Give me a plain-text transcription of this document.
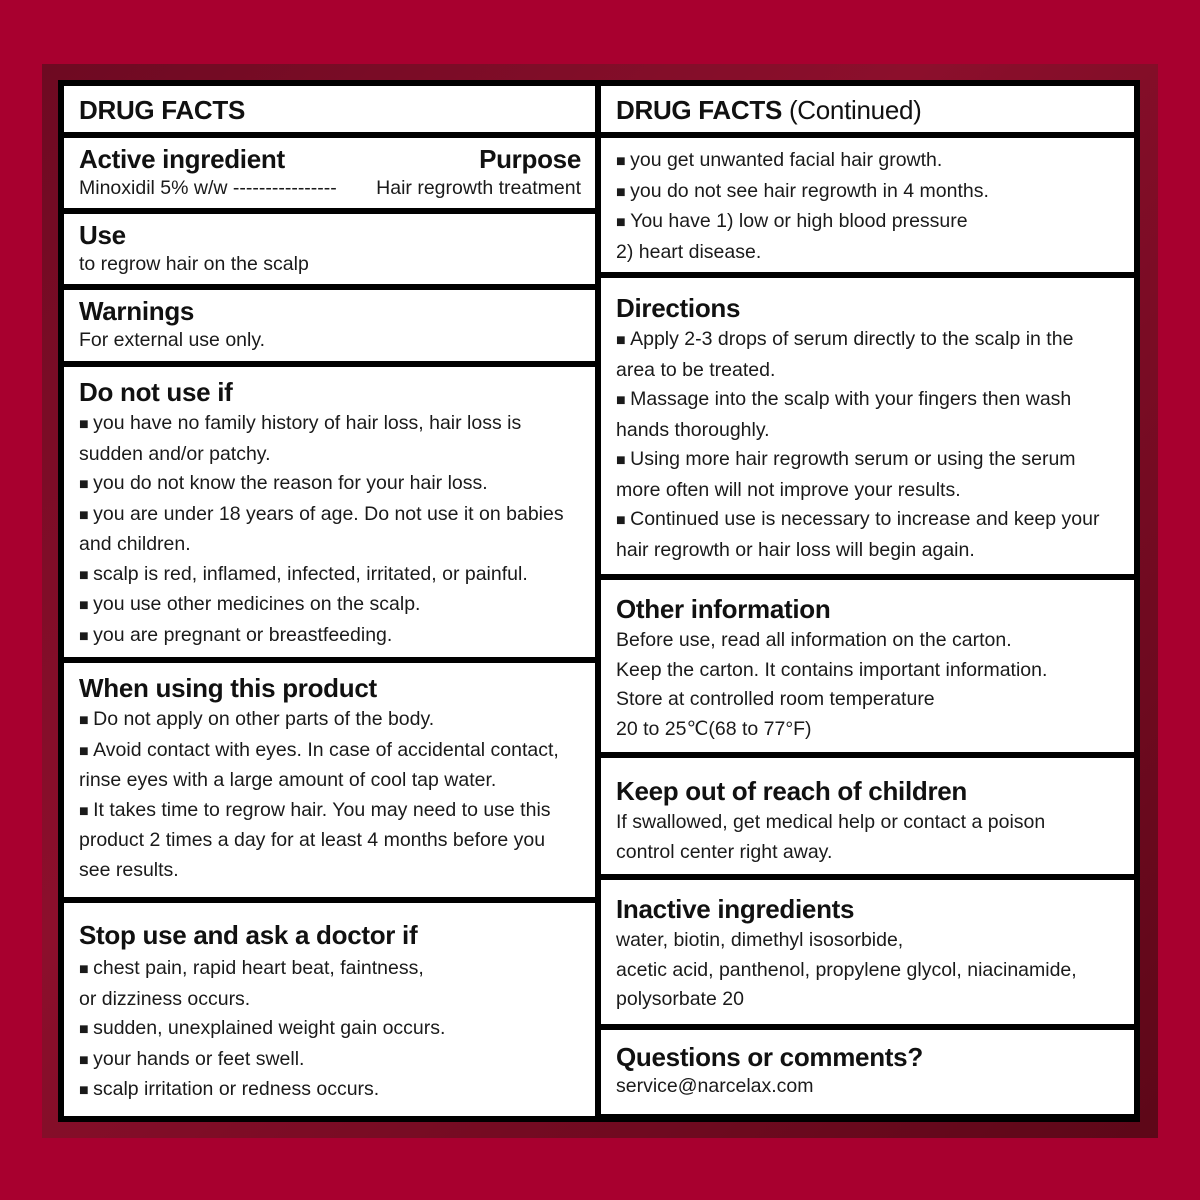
DRUG FACTS
Active ingredient	Purpose
Minoxidil 5% w/w ---------------- Hair regrowth treatment
Use
to regrow hair on the scalp
Warnings
For external use only.
Do not use if
■ you have no family history of hair loss, hair loss is
sudden and/or patchy.
■ you do not know the reason for your hair loss.
■ you are under 18 years of age. Do not use it on babies
and children.
■ scalp is red, inflamed, infected, irritated, or painful.
■ you use other medicines on the scalp.
■ you are pregnant or breastfeeding.
When using this product
■ Do not apply on other parts of the body.
■ Avoid contact with eyes. In case of accidental contact,
rinse eyes with a large amount of cool tap water.
■ It takes time to regrow hair. You may need to use this
product 2 times a day for at least 4 months before you
see results.
Stop use and ask a doctor if
■ chest pain, rapid heart beat, faintness,
or dizziness occurs.
■ sudden, unexplained weight gain occurs.
■ your hands or feet swell.
■ scalp irritation or redness occurs.
DRUG FACTS (Continued)
■ you get unwanted facial hair growth.
■ you do not see hair regrowth in 4 months.
■ You have 1) low or high blood pressure
2) heart disease.
Directions
■ Apply 2-3 drops of serum directly to the scalp in the
area to be treated.
■ Massage into the scalp with your fingers then wash
hands thoroughly.
■ Using more hair regrowth serum or using the serum
more often will not improve your results.
■ Continued use is necessary to increase and keep your
hair regrowth or hair loss will begin again.
Other information
Before use, read all information on the carton.
Keep the carton. It contains important information.
Store at controlled room temperature
20 to 25℃(68 to 77°F)
Keep out of reach of children
If swallowed, get medical help or contact a poison
control center right away.
Inactive ingredients
water, biotin, dimethyl isosorbide,
acetic acid, panthenol, propylene glycol, niacinamide,
polysorbate 20
Questions or comments?
service@narcelax.com
